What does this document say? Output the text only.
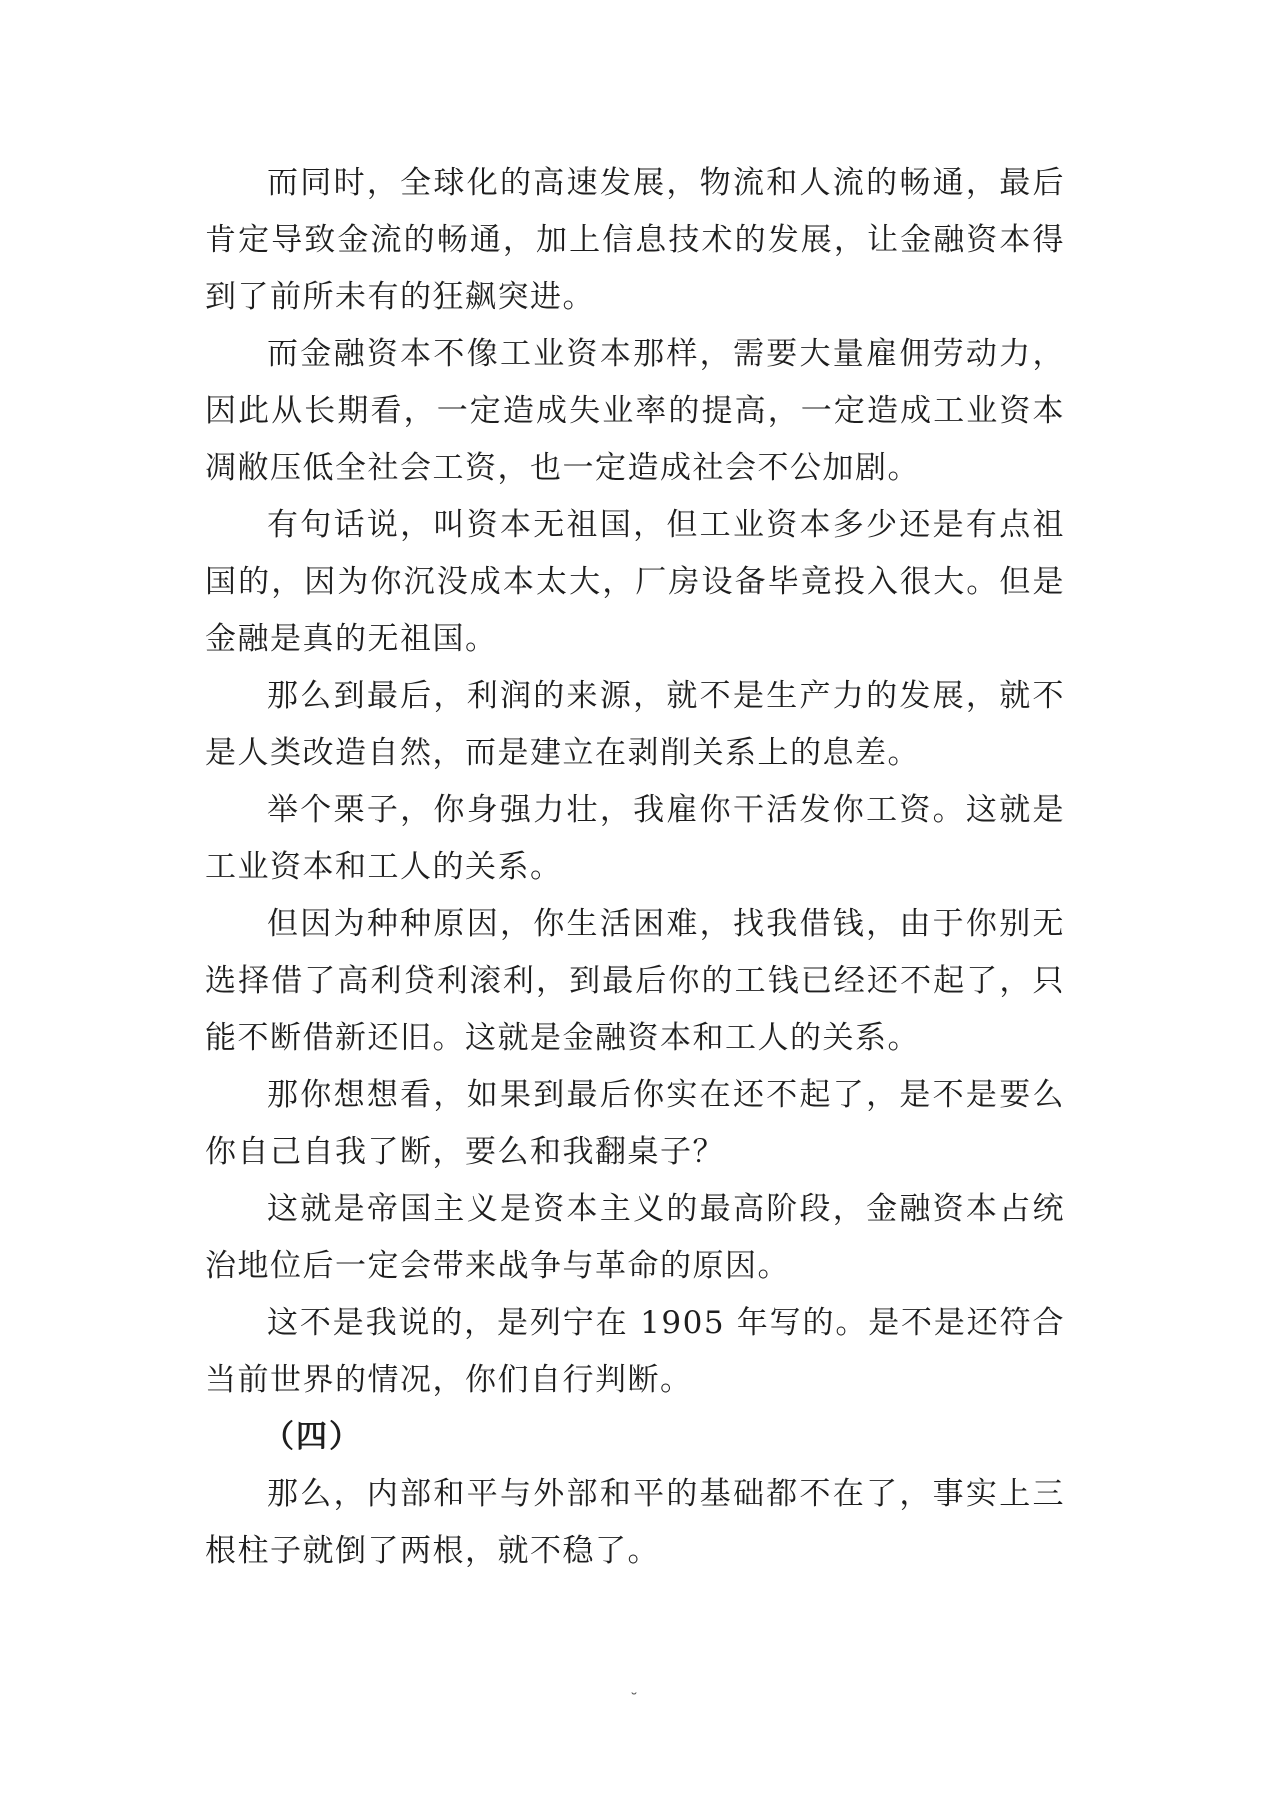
而同时，全球化的高速发展，物流和人流的畅通，最后肯定导致金流的畅通，加上信息技术的发展，让金融资本得到了前所未有的狂飙突进。

而金融资本不像工业资本那样，需要大量雇佣劳动力，因此从长期看，一定造成失业率的提高，一定造成工业资本凋敝压低全社会工资，也一定造成社会不公加剧。

有句话说，叫资本无祖国，但工业资本多少还是有点祖国的，因为你沉没成本太大，厂房设备毕竟投入很大。但是金融是真的无祖国。

那么到最后，利润的来源，就不是生产力的发展，就不是人类改造自然，而是建立在剥削关系上的息差。

举个栗子，你身强力壮，我雇你干活发你工资。这就是工业资本和工人的关系。

但因为种种原因，你生活困难，找我借钱，由于你别无选择借了高利贷利滚利，到最后你的工钱已经还不起了，只能不断借新还旧。这就是金融资本和工人的关系。

那你想想看，如果到最后你实在还不起了，是不是要么你自己自我了断，要么和我翻桌子？

这就是帝国主义是资本主义的最高阶段，金融资本占统治地位后一定会带来战争与革命的原因。

这不是我说的，是列宁在 1905 年写的。是不是还符合当前世界的情况，你们自行判断。

（四）

那么，内部和平与外部和平的基础都不在了，事实上三根柱子就倒了两根，就不稳了。

˘
